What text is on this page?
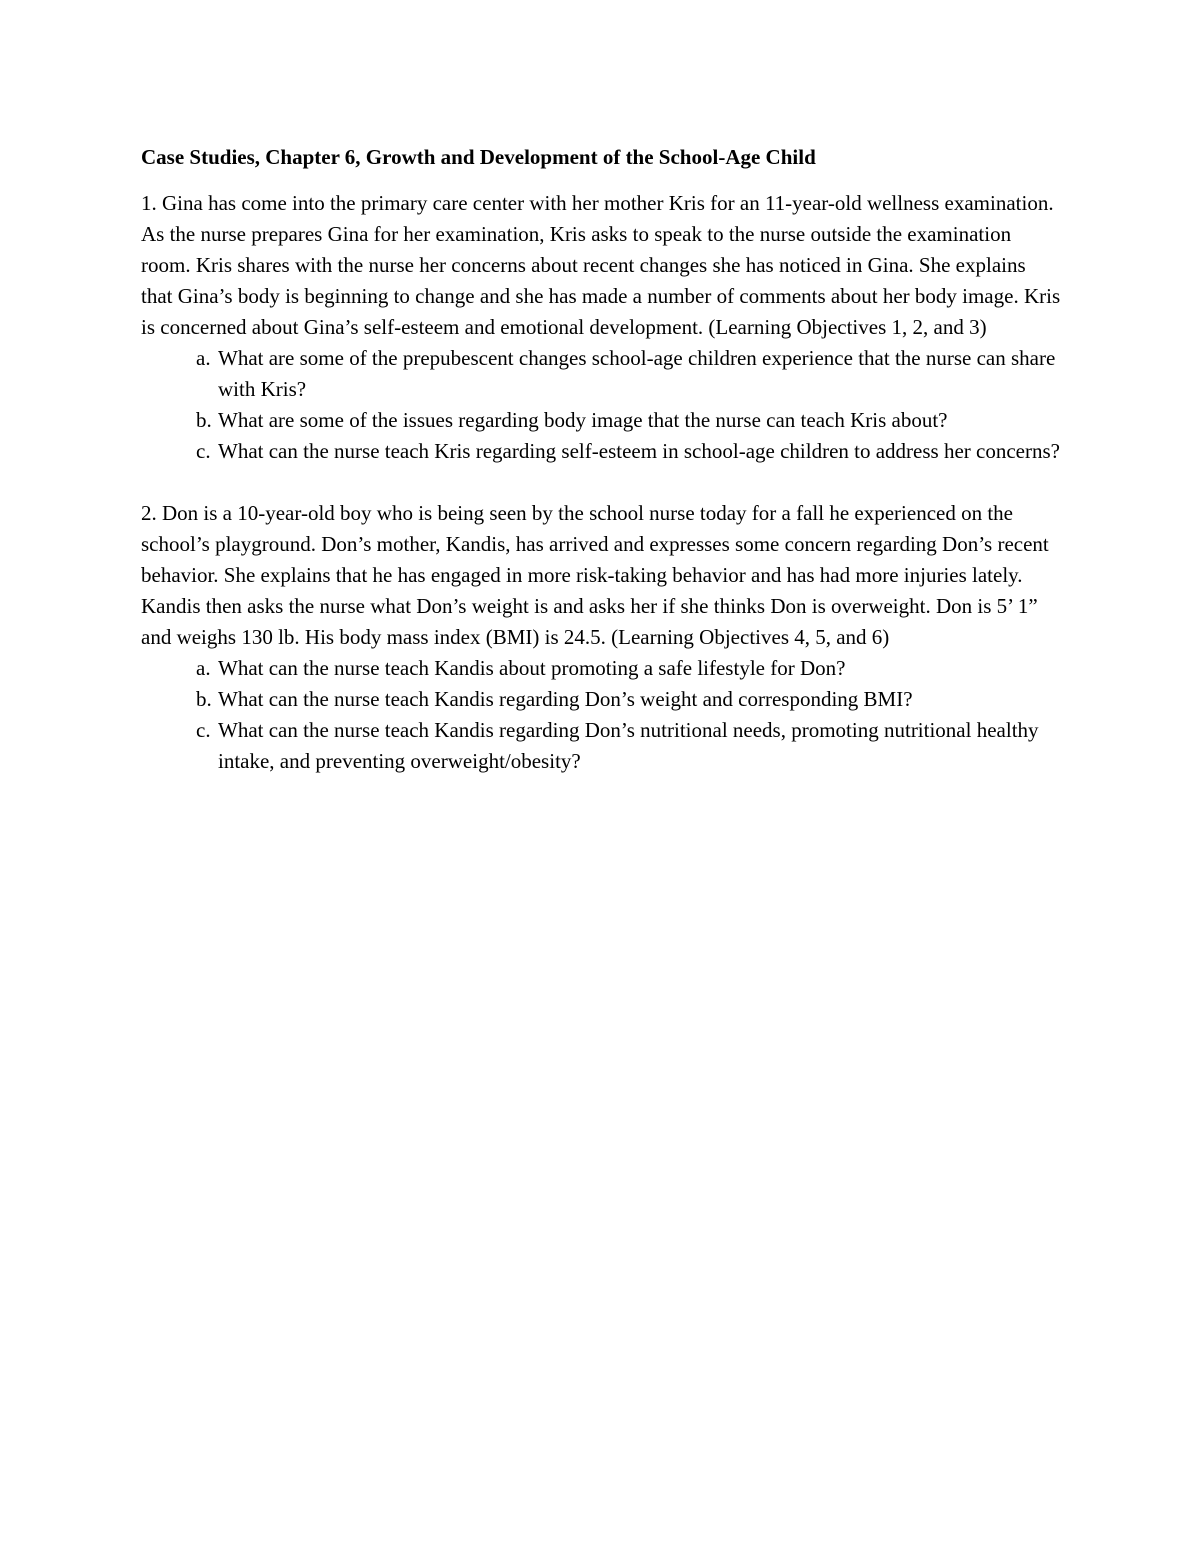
Case Studies, Chapter 6, Growth and Development of the School-Age Child

1. Gina has come into the primary care center with her mother Kris for an 11-year-old wellness examination. As the nurse prepares Gina for her examination, Kris asks to speak to the nurse outside the examination room. Kris shares with the nurse her concerns about recent changes she has noticed in Gina. She explains that Gina’s body is beginning to change and she has made a number of comments about her body image. Kris is concerned about Gina’s self-esteem and emotional development. (Learning Objectives 1, 2, and 3)

a. What are some of the prepubescent changes school-age children experience that the nurse can share with Kris?
b. What are some of the issues regarding body image that the nurse can teach Kris about?
c. What can the nurse teach Kris regarding self-esteem in school-age children to address her concerns?

2. Don is a 10-year-old boy who is being seen by the school nurse today for a fall he experienced on the school’s playground. Don’s mother, Kandis, has arrived and expresses some concern regarding Don’s recent behavior. She explains that he has engaged in more risk-taking behavior and has had more injuries lately. Kandis then asks the nurse what Don’s weight is and asks her if she thinks Don is overweight. Don is 5’ 1” and weighs 130 lb. His body mass index (BMI) is 24.5. (Learning Objectives 4, 5, and 6)

a. What can the nurse teach Kandis about promoting a safe lifestyle for Don?
b. What can the nurse teach Kandis regarding Don’s weight and corresponding BMI?
c. What can the nurse teach Kandis regarding Don’s nutritional needs, promoting nutritional healthy intake, and preventing overweight/obesity?
